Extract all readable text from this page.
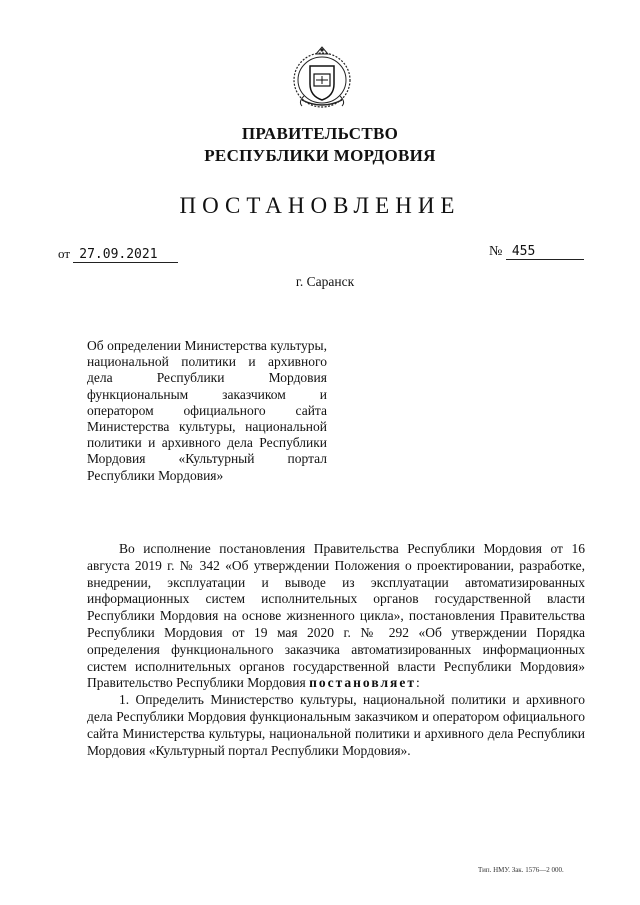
ПРАВИТЕЛЬСТВО
РЕСПУБЛИКИ МОРДОВИЯ
ПОСТАНОВЛЕНИЕ
от 27.09.2021	№ 455
г. Саранск

Об определении Министерства культуры, национальной политики и архивного дела Республики Мордовия функциональным заказчиком и оператором официального сайта Министерства культуры, национальной политики и архивного дела Республики Мордовия «Культурный портал Республики Мордовия»

Во исполнение постановления Правительства Республики Мордовия от 16 августа 2019 г. № 342 «Об утверждении Положения о проектировании, разработке, внедрении, эксплуатации и выводе из эксплуатации автоматизированных информационных систем исполнительных органов государственной власти Республики Мордовия на основе жизненного цикла», постановления Правительства Республики Мордовия от 19 мая 2020 г. № 292 «Об утверждении Порядка определения функционального заказчика автоматизированных информационных систем исполнительных органов государственной власти Республики Мордовия» Правительство Республики Мордовия постановляет:

1. Определить Министерство культуры, национальной политики и архивного дела Республики Мордовия функциональным заказчиком и оператором официального сайта Министерства культуры, национальной политики и архивного дела Республики Мордовия «Культурный портал Республики Мордовия».

Тип. НМУ. Зак. 1576—2 000.
